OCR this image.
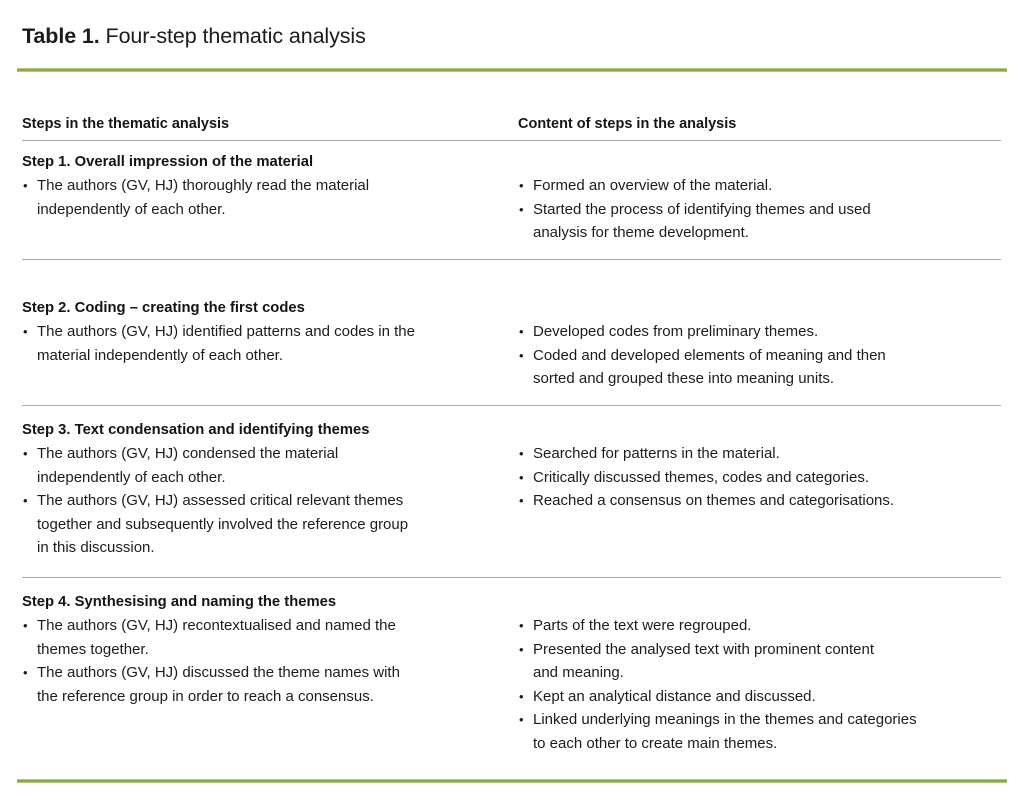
Table 1. Four-step thematic analysis
Steps in the thematic analysis	Content of steps in the analysis
Step 1. Overall impression of the material
• The authors (GV, HJ) thoroughly read the material
independently of each other.
• Formed an overview of the material.
• Started the process of identifying themes and used
analysis for theme development.
Step 2. Coding – creating the first codes
• The authors (GV, HJ) identified patterns and codes in the
material independently of each other.
• Developed codes from preliminary themes.
• Coded and developed elements of meaning and then
sorted and grouped these into meaning units.
Step 3. Text condensation and identifying themes
• The authors (GV, HJ) condensed the material
independently of each other.
• The authors (GV, HJ) assessed critical relevant themes
together and subsequently involved the reference group
in this discussion.
• Searched for patterns in the material.
• Critically discussed themes, codes and categories.
• Reached a consensus on themes and categorisations.
Step 4. Synthesising and naming the themes
• The authors (GV, HJ) recontextualised and named the
themes together.
• The authors (GV, HJ) discussed the theme names with
the reference group in order to reach a consensus.
• Parts of the text were regrouped.
• Presented the analysed text with prominent content
and meaning.
• Kept an analytical distance and discussed.
• Linked underlying meanings in the themes and categories
to each other to create main themes.
